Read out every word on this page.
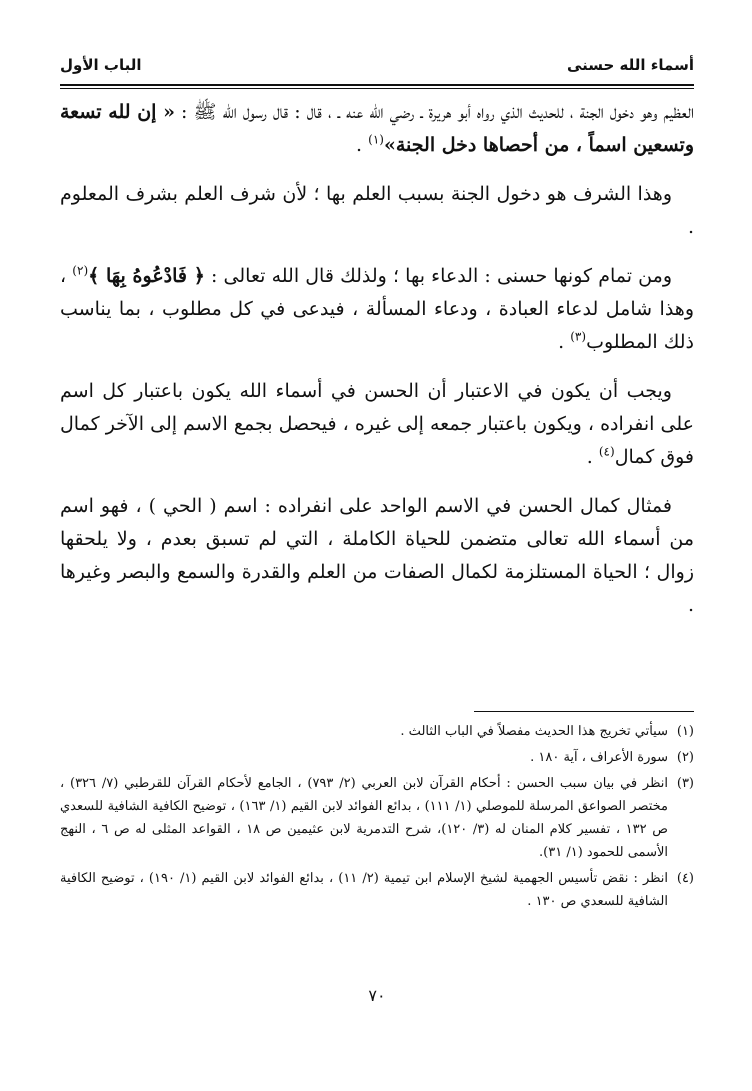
أسماء الله حسنى
الباب الأول

العظيم وهو دخول الجنة ، للحديث الذي رواه أبو هريرة ـ رضي الله عنه ـ ، قال : قال رسول الله ﷺ : « إن لله تسعة وتسعين اسماً ، من أحصاها دخل الجنة»$^{(١)}$ .

وهذا الشرف هو دخول الجنة بسبب العلم بها ؛ لأن شرف العلم بشرف المعلوم .

ومن تمام كونها حسنى : الدعاء بها ؛ ولذلك قال الله تعالى : ﴿ فَادْعُوهُ بِهَا ﴾$^{(٢)}$ ، وهذا شامل لدعاء العبادة ، ودعاء المسألة ، فيدعى في كل مطلوب ، بما يناسب ذلك المطلوب$^{(٣)}$ .

ويجب أن يكون في الاعتبار أن الحسن في أسماء الله يكون باعتبار كل اسم على انفراده ، ويكون باعتبار جمعه إلى غيره ، فيحصل بجمع الاسم إلى الآخر كمال فوق كمال$^{(٤)}$ .

فمثال كمال الحسن في الاسم الواحد على انفراده : اسم ( الحي ) ، فهو اسم من أسماء الله تعالى متضمن للحياة الكاملة ، التي لم تسبق بعدم ، ولا يلحقها زوال ؛ الحياة المستلزمة لكمال الصفات من العلم والقدرة والسمع والبصر وغيرها .

(١)
سيأتي تخريج هذا الحديث مفصلاً في الباب الثالث .
(٢)
سورة الأعراف ، آية ١٨٠ .
(٣)
انظر في بيان سبب الحسن : أحكام القرآن لابن العربي (٢/ ٧٩٣) ، الجامع لأحكام القرآن للقرطبي (٧/ ٣٢٦) ، مختصر الصواعق المرسلة للموصلي (١/ ١١١) ، بدائع الفوائد لابن القيم (١/ ١٦٣) ، توضيح الكافية الشافية للسعدي ص ١٣٢ ، تفسير كلام المنان له (٣/ ١٢٠)، شرح التدمرية لابن عثيمين ص ١٨ ، القواعد المثلى له ص ٦ ، النهج الأسمى للحمود (١/ ٣١).
(٤)
انظر : نقض تأسيس الجهمية لشيخ الإسلام ابن تيمية (٢/ ١١) ، بدائع الفوائد لابن القيم (١/ ١٩٠) ، توضيح الكافية الشافية للسعدي ص ١٣٠ .
٧٠
